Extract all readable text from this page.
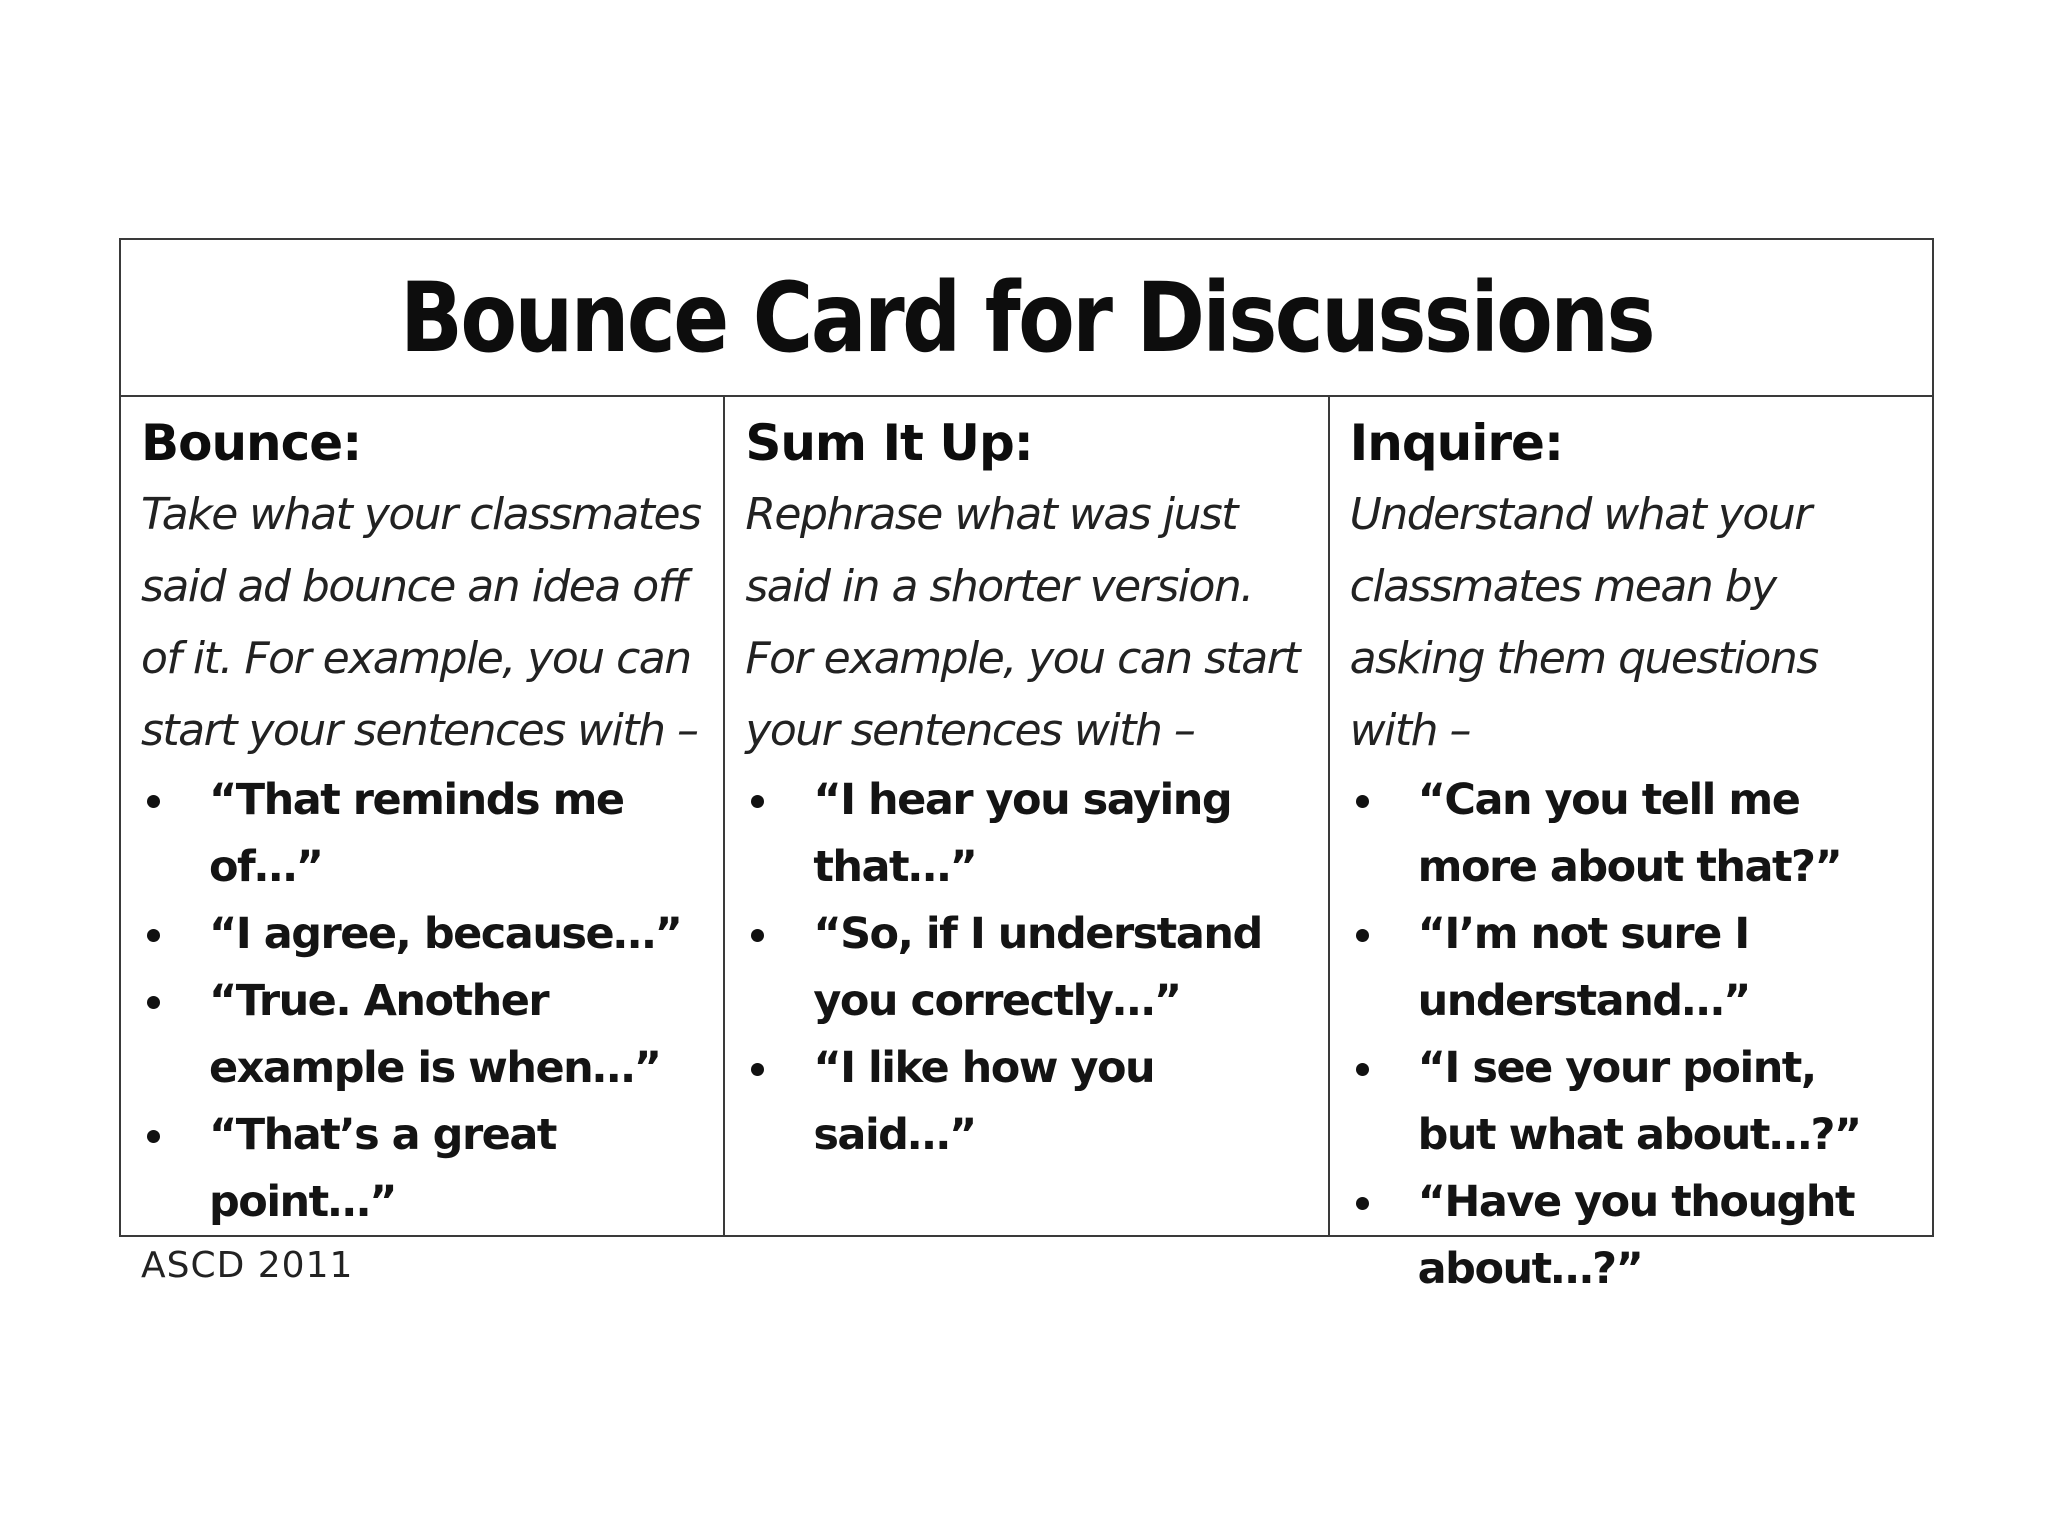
Bounce Card for Discussions
Bounce:

Take what your classmates said ad bounce an idea off of it. For example, you can start your sentences with –

“That reminds me of…”
“I agree, because…”
“True. Another example is when…”
“That’s a great point…”
Sum It Up:

Rephrase what was just said in a shorter version. For example, you can start your sentences with –

“I hear you saying that…”
“So, if I understand you correctly…”
“I like how you said…”
Inquire:

Understand what your classmates mean by asking them questions with –

“Can you tell me more about that?”
“I’m not sure I understand…”
“I see your point, but what about…?”
“Have you thought about…?”
ASCD 2011
